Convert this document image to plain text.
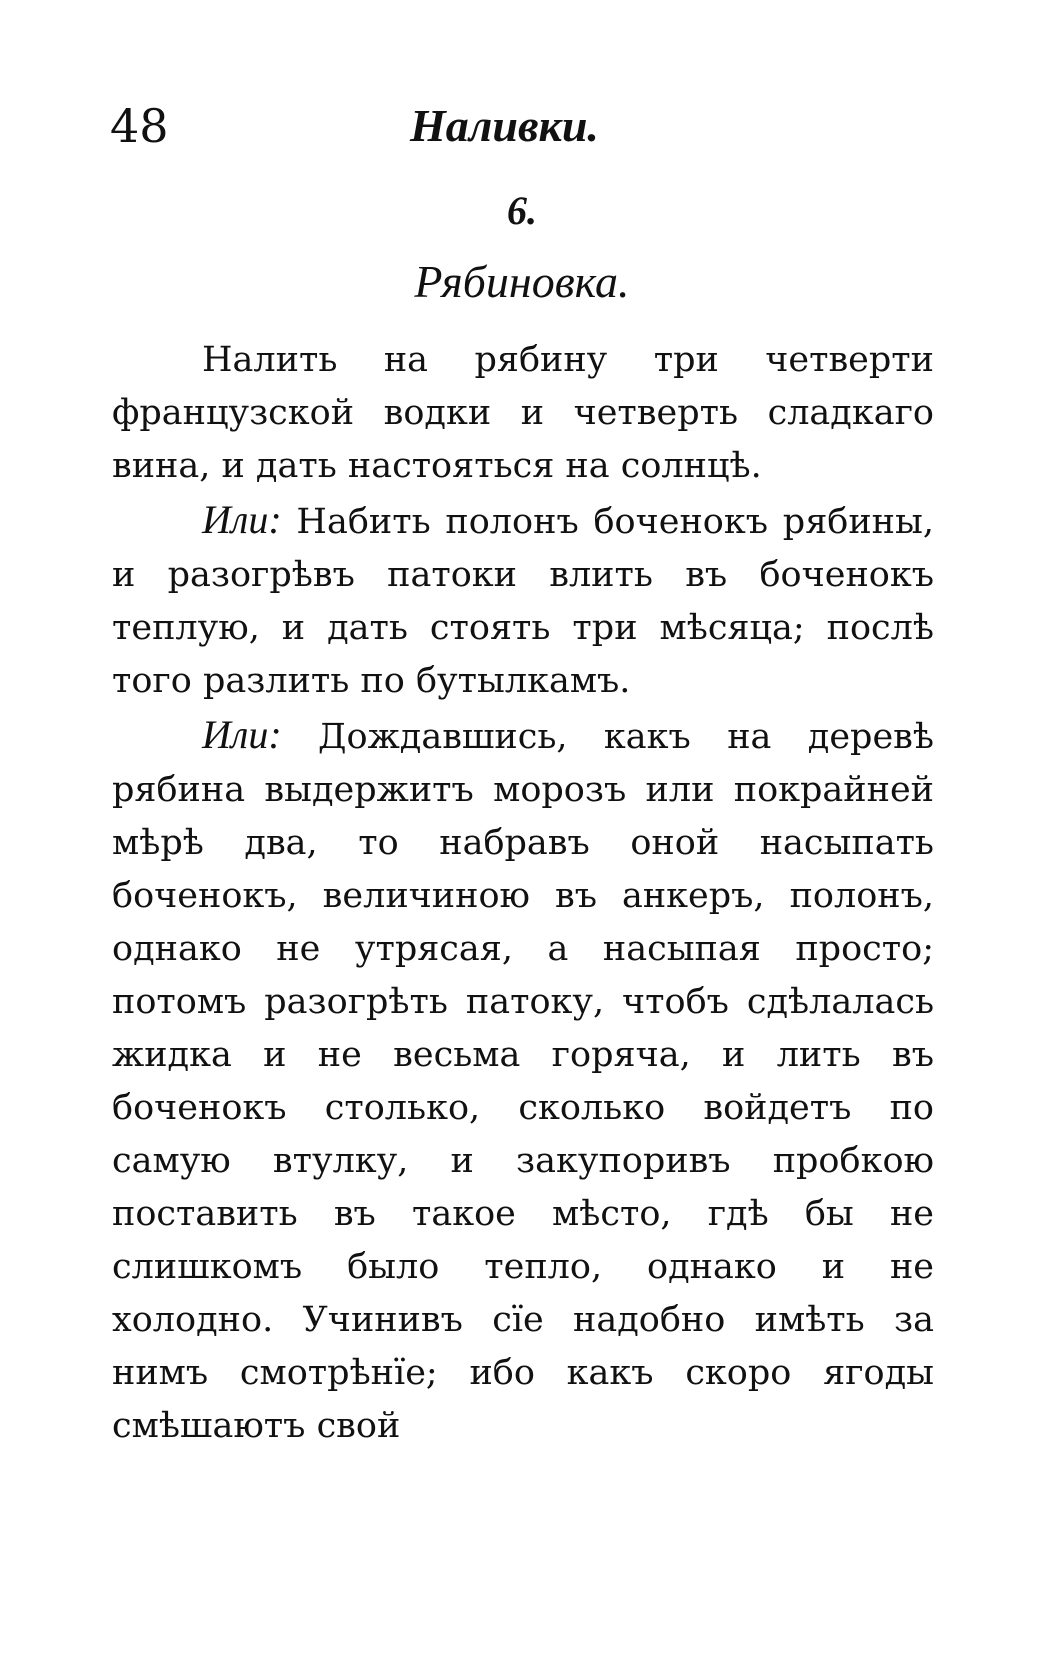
48	Наливки.
6.
Рябиновка.

Налить на рябину три четверти французской водки и четверть сладкаго вина, и дать настояться на солнцѣ.

Или: Набить полонъ боченокъ рябины, и разогрѣвъ патоки влить въ боченокъ теплую, и дать стоять три мѣсяца; послѣ того разлить по бутылкамъ.

Или: Дождавшись, какъ на деревѣ рябина выдержитъ морозъ или покрайней мѣрѣ два, то набравъ оной насыпать боченокъ, величиною въ анкеръ, полонъ, однако не утрясая, а насыпая просто; потомъ разогрѣть патоку, чтобъ сдѣлалась жидка и не весьма горяча, и лить въ боченокъ столько, сколько войдетъ по самую втулку, и закупоривъ пробкою поставить въ такое мѣсто, гдѣ бы не слишкомъ было тепло, однако и не холодно. Учинивъ сїе надобно имѣть за нимъ смотрѣнїе; ибо какъ скоро ягоды смѣшаютъ свой
